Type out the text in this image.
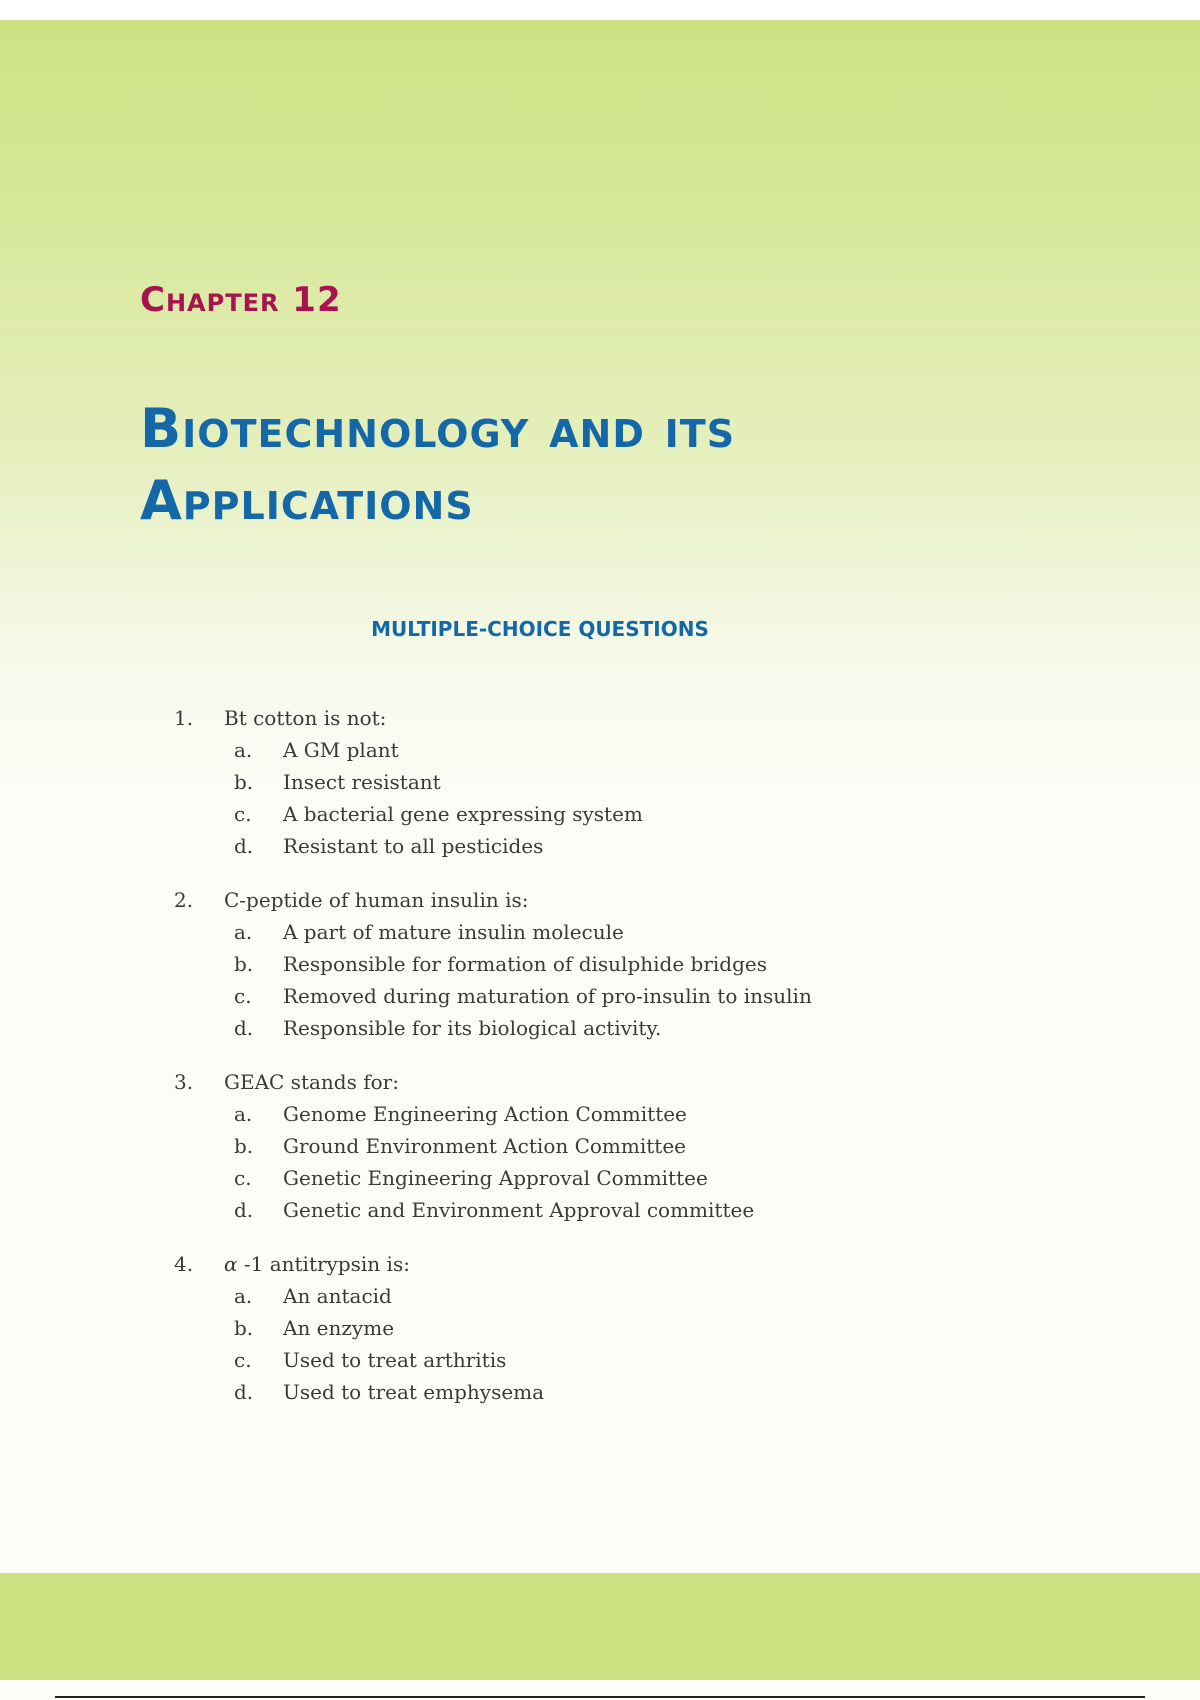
Chapter 12
Biotechnology and its
Applications
MULTIPLE-CHOICE QUESTIONS
1. Bt cotton is not:
a. A GM plant
b. Insect resistant
c. A bacterial gene expressing system
d. Resistant to all pesticides
2. C-peptide of human insulin is:
a. A part of mature insulin molecule
b. Responsible for formation of disulphide bridges
c. Removed during maturation of pro-insulin to insulin
d. Responsible for its biological activity.
3. GEAC stands for:
a. Genome Engineering Action Committee
b. Ground Environment Action Committee
c. Genetic Engineering Approval Committee
d. Genetic and Environment Approval committee
4. α -1 antitrypsin is:
a. An antacid
b. An enzyme
c. Used to treat arthritis
d. Used to treat emphysema
